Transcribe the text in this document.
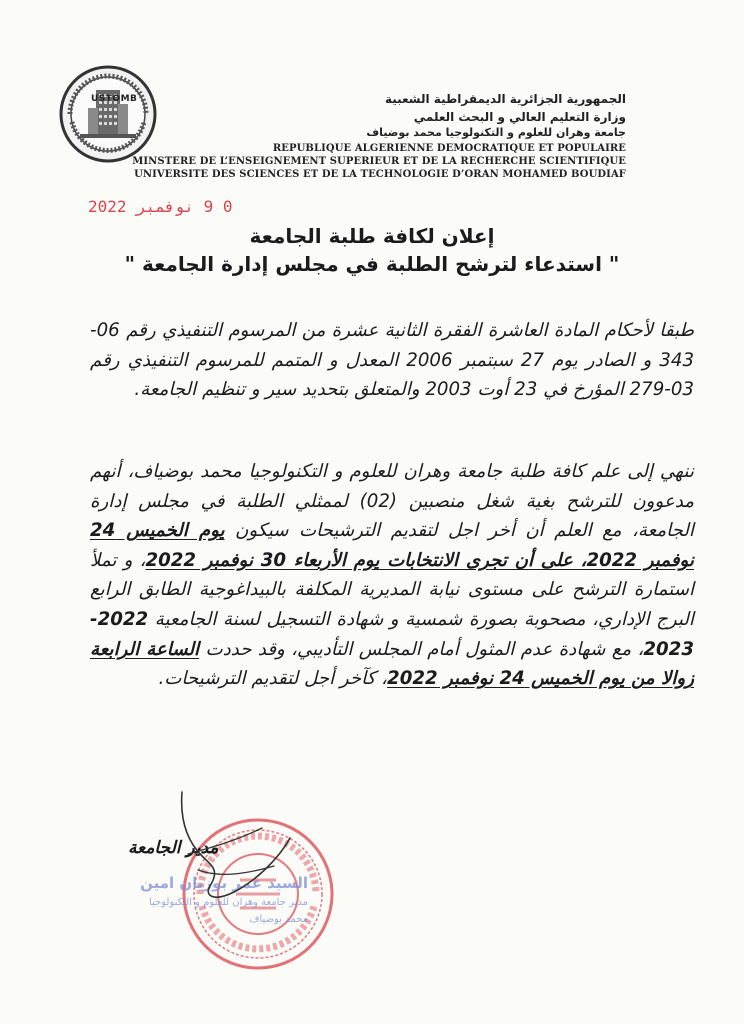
USTOMB	الجمهورية الجزائرية الديمقراطية الشعبية
وزارة التعليم العالي و البحث العلمي
جامعة وهران للعلوم و التكنولوجيا محمد بوضياف
REPUBLIQUE ALGERIENNE DEMOCRATIQUE ET POPULAIRE
MINSTERE DE L’ENSEIGNEMENT SUPERIEUR ET DE LA RECHERCHE SCIENTIFIQUE
UNIVERSITE DES SCIENCES ET DE LA TECHNOLOGIE D’ORAN MOHAMED BOUDIAF
0 9 نوفمبر 2022
إعلان لكافة طلبة الجامعة
" استدعاء لترشح الطلبة في مجلس إدارة الجامعة "
طبقا لأحكام المادة العاشرة الفقرة الثانية عشرة من المرسوم التنفيذي رقم 06-343 و الصادر يوم 27 سبتمبر 2006 المعدل و المتمم للمرسوم التنفيذي رقم 03-279 المؤرخ في 23 أوت 2003 والمتعلق بتحديد سير و تنظيم الجامعة.
ننهي إلى علم كافة طلبة جامعة وهران للعلوم و التكنولوجيا محمد بوضياف، أنهم مدعوون للترشح بغية شغل منصبين (02) لممثلي الطلبة في مجلس إدارة الجامعة، مع العلم أن أخر اجل لتقديم الترشيحات سيكون يوم الخميس 24 نوفمبر 2022، على أن تجرى الانتخابات يوم الأربعاء 30 نوفمبر 2022، و تملأ استمارة الترشح على مستوى نيابة المديرية المكلفة بالبيداغوجية الطابق الرابع البرج الإداري، مصحوبة بصورة شمسية و شهادة التسجيل لسنة الجامعية 2022-2023، مع شهادة عدم المثول أمام المجلس التأديبي، وقد حددت الساعة الرابعة زوالا من يوم الخميس 24 نوفمبر 2022، كآخر أجل لتقديم الترشيحات.
مدير الجامعة
السيد عمر بوزيان امين
مدير جامعة وهران للعلوم و التكنولوجيا
محمد بوضياف
